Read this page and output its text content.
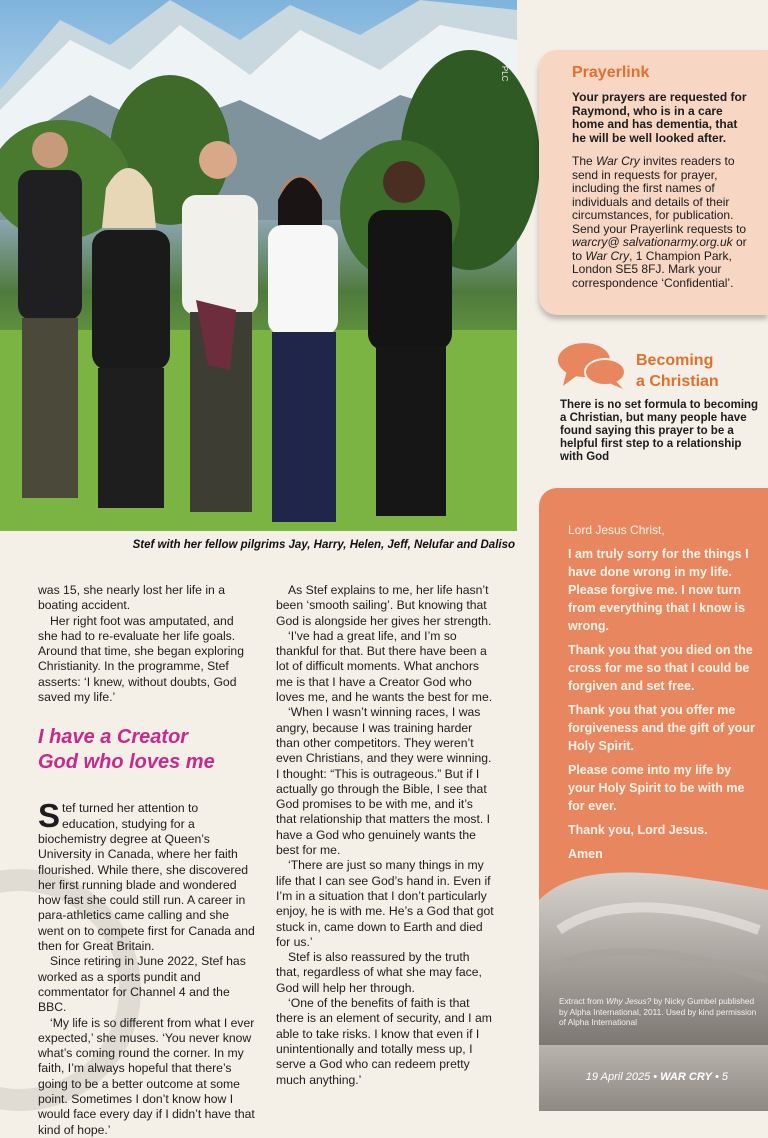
© ITV PLC
Stef with her fellow pilgrims Jay, Harry, Helen, Jeff, Nelufar and Daliso

was 15, she nearly lost her life in a boating accident.

Her right foot was amputated, and she had to re-evaluate her life goals. Around that time, she began exploring Christianity. In the programme, Stef asserts: ‘I knew, without doubts, God saved my life.’

I have a Creator
God who loves me

Stef turned her attention to education, studying for a biochemistry degree at Queen’s University in Canada, where her faith flourished. While there, she discovered her first running blade and wondered how fast she could still run. A career in para-athletics came calling and she went on to compete first for Canada and then for Great Britain.

Since retiring in June 2022, Stef has worked as a sports pundit and commentator for Channel 4 and the BBC.

‘My life is so different from what I ever expected,’ she muses. ‘You never know what’s coming round the corner. In my faith, I’m always hopeful that there’s going to be a better outcome at some point. Sometimes I don’t know how I would face every day if I didn’t have that kind of hope.’

As Stef explains to me, her life hasn’t been ‘smooth sailing’. But knowing that God is alongside her gives her strength.

‘I’ve had a great life, and I’m so thankful for that. But there have been a lot of difficult moments. What anchors me is that I have a Creator God who loves me, and he wants the best for me.

‘When I wasn’t winning races, I was angry, because I was training harder than other competitors. They weren’t even Christians, and they were winning. I thought: “This is outrageous.” But if I actually go through the Bible, I see that God promises to be with me, and it’s that relationship that matters the most. I have a God who genuinely wants the best for me.

‘There are just so many things in my life that I can see God’s hand in. Even if I’m in a situation that I don’t particularly enjoy, he is with me. He’s a God that got stuck in, came down to Earth and died for us.’

Stef is also reassured by the truth that, regardless of what she may face, God will help her through.

‘One of the benefits of faith is that there is an element of security, and I am able to take risks. I know that even if I unintentionally and totally mess up, I serve a God who can redeem pretty much anything.’

Prayerlink

Your prayers are requested for Raymond, who is in a care home and has dementia, that he will be well looked after.

The War Cry invites readers to send in requests for prayer, including the first names of individuals and details of their circumstances, for publication. Send your Prayerlink requests to warcry@ salvationarmy.org.uk or to War Cry, 1 Champion Park, London SE5 8FJ. Mark your correspondence ‘Confidential’.

Becoming
a Christian

There is no set formula to becoming a Christian, but many people have found saying this prayer to be a helpful first step to a relationship with God

Lord Jesus Christ,

I am truly sorry for the things I have done wrong in my life. Please forgive me. I now turn from everything that I know is wrong.

Thank you that you died on the cross for me so that I could be forgiven and set free.

Thank you that you offer me forgiveness and the gift of your Holy Spirit.

Please come into my life by your Holy Spirit to be with me for ever.

Thank you, Lord Jesus.

Amen

Extract from Why Jesus? by Nicky Gumbel published by Alpha International, 2011. Used by kind permission of Alpha International

19 April 2025 • WAR CRY • 5
